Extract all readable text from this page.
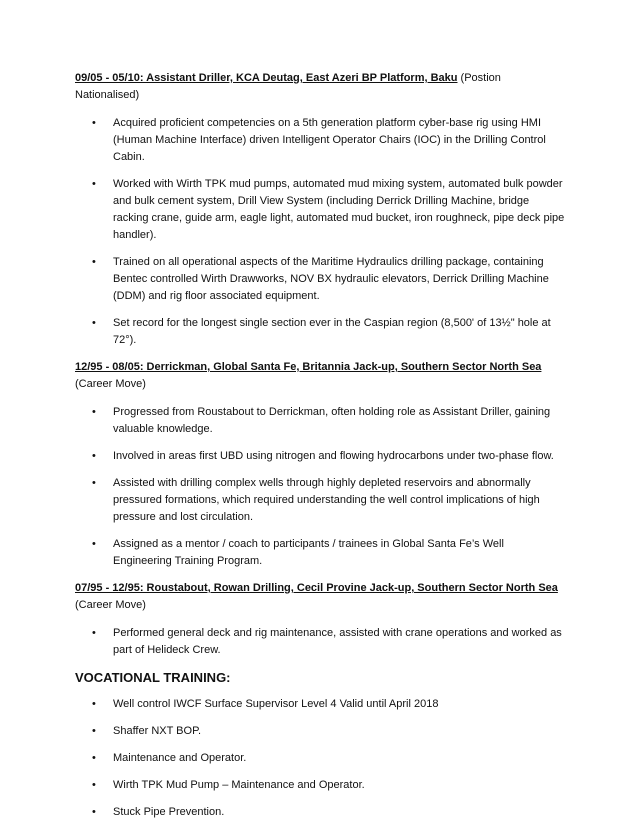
09/05 - 05/10: Assistant Driller, KCA Deutag, East Azeri BP Platform, Baku (Postion Nationalised)

• Acquired proficient competencies on a 5th generation platform cyber-base rig using HMI (Human Machine Interface) driven Intelligent Operator Chairs (IOC) in the Drilling Control Cabin.
• Worked with Wirth TPK mud pumps, automated mud mixing system, automated bulk powder and bulk cement system, Drill View System (including Derrick Drilling Machine, bridge racking crane, guide arm, eagle light, automated mud bucket, iron roughneck, pipe deck pipe handler).
• Trained on all operational aspects of the Maritime Hydraulics drilling package, containing Bentec controlled Wirth Drawworks, NOV BX hydraulic elevators, Derrick Drilling Machine (DDM) and rig floor associated equipment.
• Set record for the longest single section ever in the Caspian region (8,500' of 13½" hole at 72°).

12/95 - 08/05: Derrickman, Global Santa Fe, Britannia Jack-up, Southern Sector North Sea (Career Move)

• Progressed from Roustabout to Derrickman, often holding role as Assistant Driller, gaining valuable knowledge.
• Involved in areas first UBD using nitrogen and flowing hydrocarbons under two-phase flow.
• Assisted with drilling complex wells through highly depleted reservoirs and abnormally pressured formations, which required understanding the well control implications of high pressure and lost circulation.
• Assigned as a mentor / coach to participants / trainees in Global Santa Fe’s Well Engineering Training Program.

07/95 - 12/95: Roustabout, Rowan Drilling, Cecil Provine Jack-up, Southern Sector North Sea (Career Move)

• Performed general deck and rig maintenance, assisted with crane operations and worked as part of Helideck Crew.

VOCATIONAL TRAINING:

• Well control IWCF Surface Supervisor Level 4 Valid until April 2018
• Shaffer NXT BOP.
• Maintenance and Operator.
• Wirth TPK Mud Pump – Maintenance and Operator.
• Stuck Pipe Prevention.
